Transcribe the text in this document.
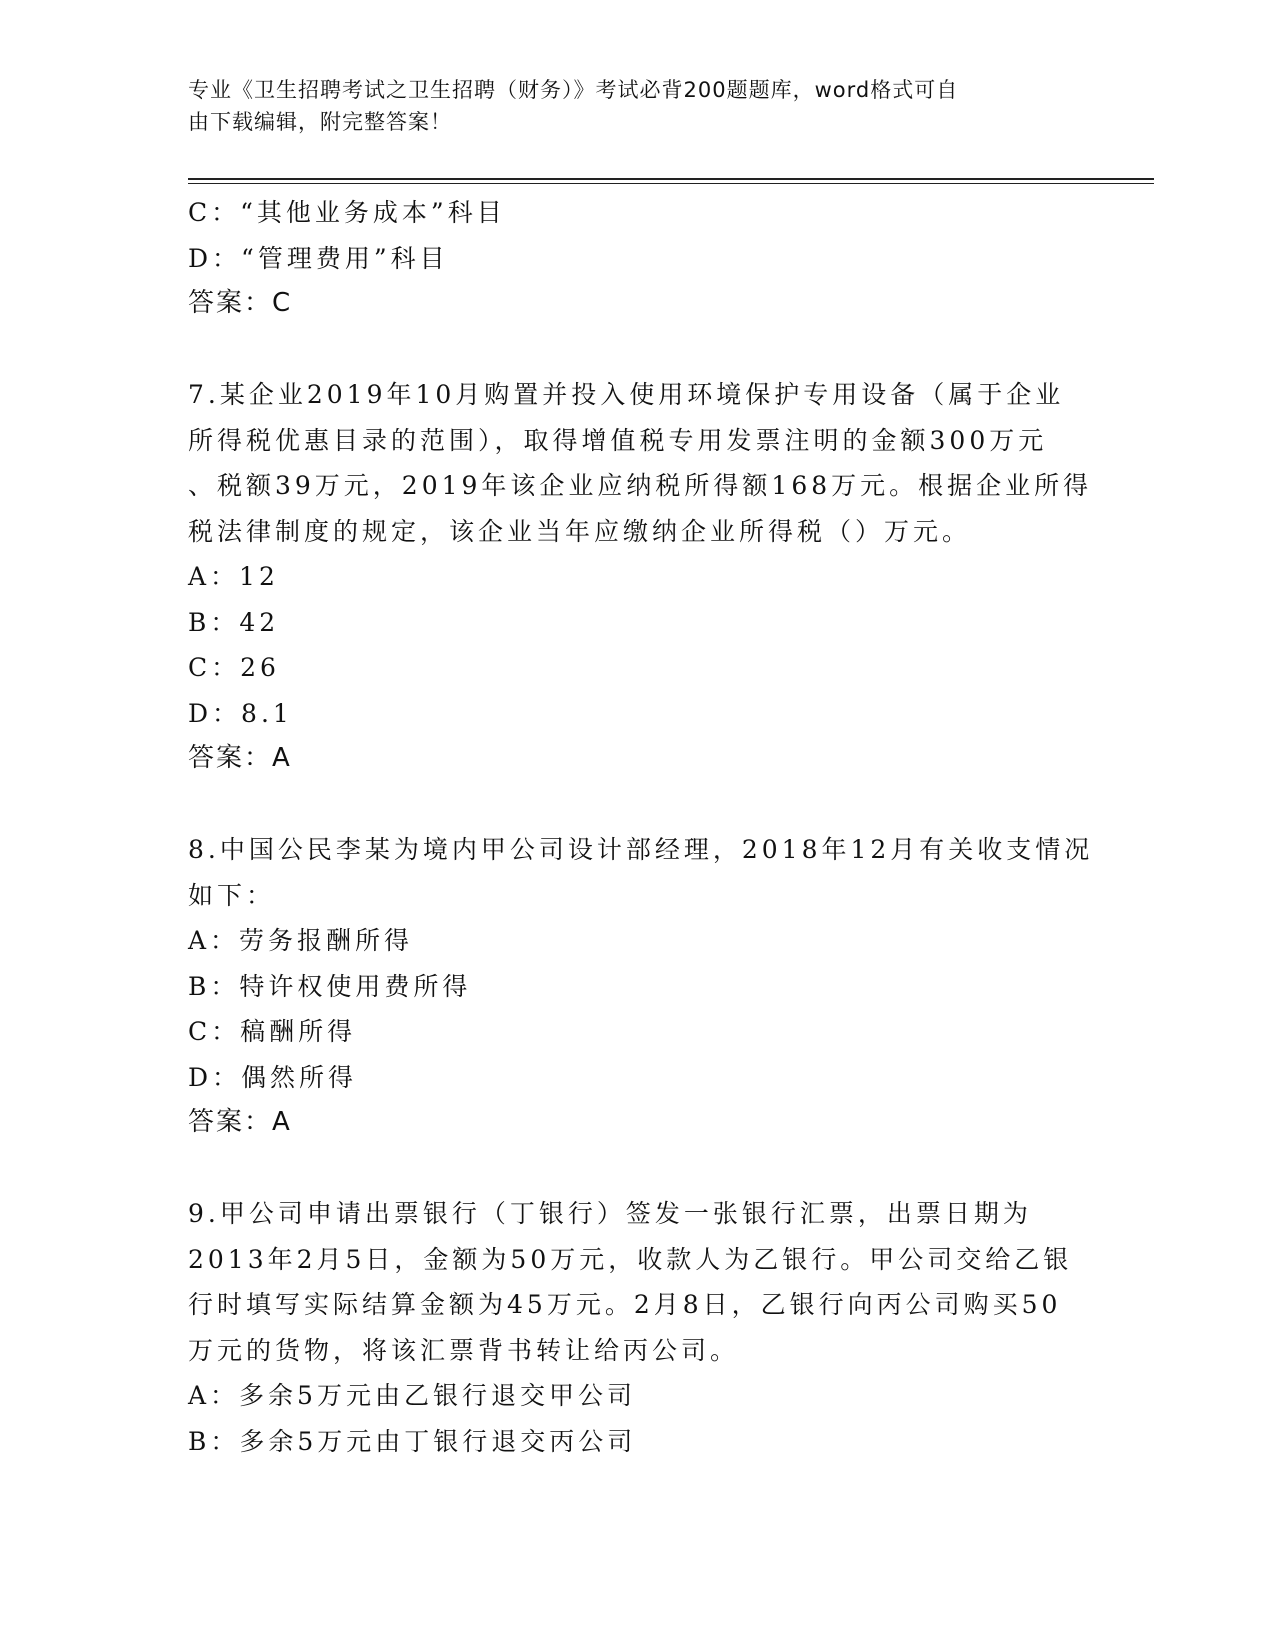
专业《卫生招聘考试之卫生招聘（财务）》考试必背200题题库，word格式可自
由下载编辑，附完整答案！
C：“其他业务成本”科目
D：“管理费用”科目
答案：C
7.某企业2019年10月购置并投入使用环境保护专用设备（属于企业
所得税优惠目录的范围），取得增值税专用发票注明的金额300万元
、税额39万元，2019年该企业应纳税所得额168万元。根据企业所得
税法律制度的规定，该企业当年应缴纳企业所得税（）万元。
A：12
B：42
C：26
D：8.1
答案：A
8.中国公民李某为境内甲公司设计部经理，2018年12月有关收支情况
如下：
A：劳务报酬所得
B：特许权使用费所得
C：稿酬所得
D：偶然所得
答案：A
9.甲公司申请出票银行（丁银行）签发一张银行汇票，出票日期为
2013年2月5日，金额为50万元，收款人为乙银行。甲公司交给乙银
行时填写实际结算金额为45万元。2月8日，乙银行向丙公司购买50
万元的货物，将该汇票背书转让给丙公司。
A：多余5万元由乙银行退交甲公司
B：多余5万元由丁银行退交丙公司
